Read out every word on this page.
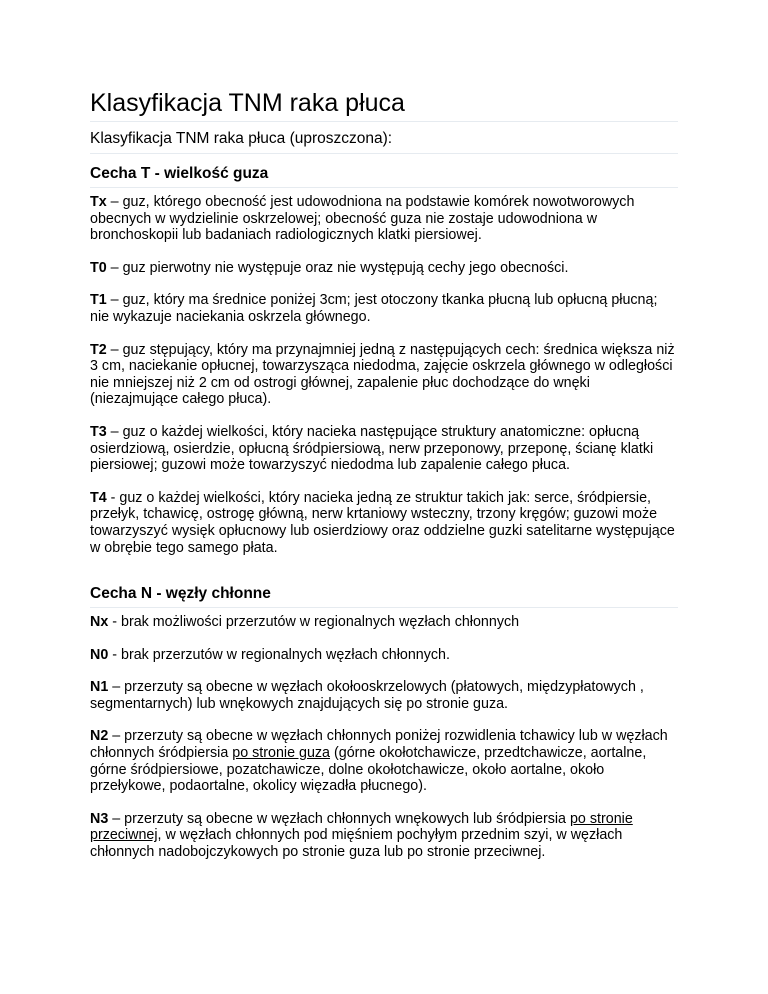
Klasyfikacja TNM raka płuca

Klasyfikacja TNM raka płuca (uproszczona):

Cecha T - wielkość guza

Tx – guz, którego obecność jest udowodniona na podstawie komórek nowotworowych obecnych w wydzielinie oskrzelowej; obecność guza nie zostaje udowodniona w bronchoskopii lub badaniach radiologicznych klatki piersiowej.

T0 – guz pierwotny nie występuje oraz nie występują cechy jego obecności.

T1 – guz, który ma średnice poniżej 3cm; jest otoczony tkanka płucną lub opłucną płucną; nie wykazuje naciekania oskrzela głównego.

T2 – guz stępujący, który ma przynajmniej jedną z następujących cech: średnica większa niż 3 cm, naciekanie opłucnej, towarzysząca niedodma, zajęcie oskrzela głównego w odległości nie mniejszej niż 2 cm od ostrogi głównej, zapalenie płuc dochodzące do wnęki (niezajmujące całego płuca).

T3 – guz o każdej wielkości, który nacieka następujące struktury anatomiczne: opłucną osierdziową, osierdzie, opłucną śródpiersiową, nerw przeponowy, przeponę, ścianę klatki piersiowej; guzowi może towarzyszyć niedodma lub zapalenie całego płuca.

T4 - guz o każdej wielkości, który nacieka jedną ze struktur takich jak: serce, śródpiersie, przełyk, tchawicę, ostrogę główną, nerw krtaniowy wsteczny, trzony kręgów; guzowi może towarzyszyć wysięk opłucnowy lub osierdziowy oraz oddzielne guzki satelitarne występujące w obrębie tego samego płata.

Cecha N - węzły chłonne

Nx - brak możliwości przerzutów w regionalnych węzłach chłonnych

N0 - brak przerzutów w regionalnych węzłach chłonnych.

N1 – przerzuty są obecne w węzłach okołooskrzelowych (płatowych, międzypłatowych , segmentarnych) lub wnękowych znajdujących się po stronie guza.

N2 – przerzuty są obecne w węzłach chłonnych poniżej rozwidlenia tchawicy lub w węzłach chłonnych śródpiersia po stronie guza (górne okołotchawicze, przedtchawicze, aortalne, górne śródpiersiowe, pozatchawicze, dolne okołotchawicze, około aortalne, około przełykowe, podaortalne, okolicy więzadła płucnego).

N3 – przerzuty są obecne w węzłach chłonnych wnękowych lub śródpiersia po stronie przeciwnej, w węzłach chłonnych pod mięśniem pochyłym przednim szyi, w węzłach chłonnych nadobojczykowych po stronie guza lub po stronie przeciwnej.
